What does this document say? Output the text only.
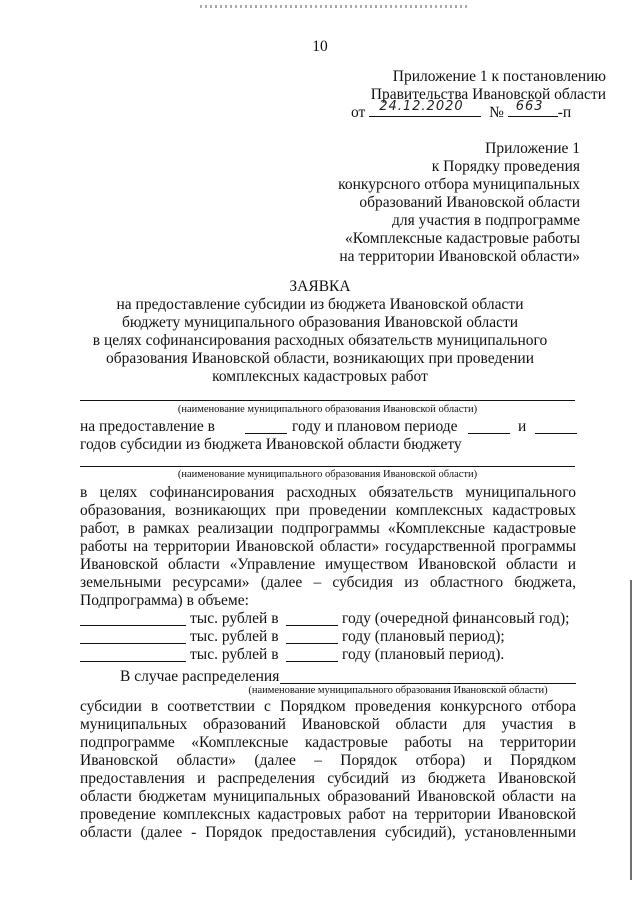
10
Приложение 1 к постановлению
Правительства Ивановской области
от 24.12.2020 № 663 -п
Приложение 1
к Порядку проведения
конкурсного отбора муниципальных
образований Ивановской области
для участия в подпрограмме
«Комплексные кадастровые работы
на территории Ивановской области»
ЗАЯВКА
на предоставление субсидии из бюджета Ивановской области
бюджету муниципального образования Ивановской области
в целях софинансирования расходных обязательств муниципального
образования Ивановской области, возникающих при проведении
комплексных кадастровых работ
(наименование муниципального образования Ивановской области)
на предоставление в	году и плановом периоде	и
годов субсидии из бюджета Ивановской области бюджету
(наименование муниципального образования Ивановской области)
в целях софинансирования расходных обязательств муниципального
образования, возникающих при проведении комплексных кадастровых
работ, в рамках реализации подпрограммы «Комплексные кадастровые
работы на территории Ивановской области» государственной программы
Ивановской области «Управление имуществом Ивановской области и
земельными ресурсами» (далее – субсидия из областного бюджета,
Подпрограмма) в объеме:
тыс. рублей в	году (очередной финансовый год);
тыс. рублей в	году (плановый период);
тыс. рублей в	году (плановый период).
В случае распределения
(наименование муниципального образования Ивановской области)
субсидии в соответствии с Порядком проведения конкурсного отбора
муниципальных образований Ивановской области для участия в
подпрограмме «Комплексные кадастровые работы на территории
Ивановской области» (далее – Порядок отбора) и Порядком
предоставления и распределения субсидий из бюджета Ивановской
области бюджетам муниципальных образований Ивановской области на
проведение комплексных кадастровых работ на территории Ивановской
области (далее - Порядок предоставления субсидий), установленными
